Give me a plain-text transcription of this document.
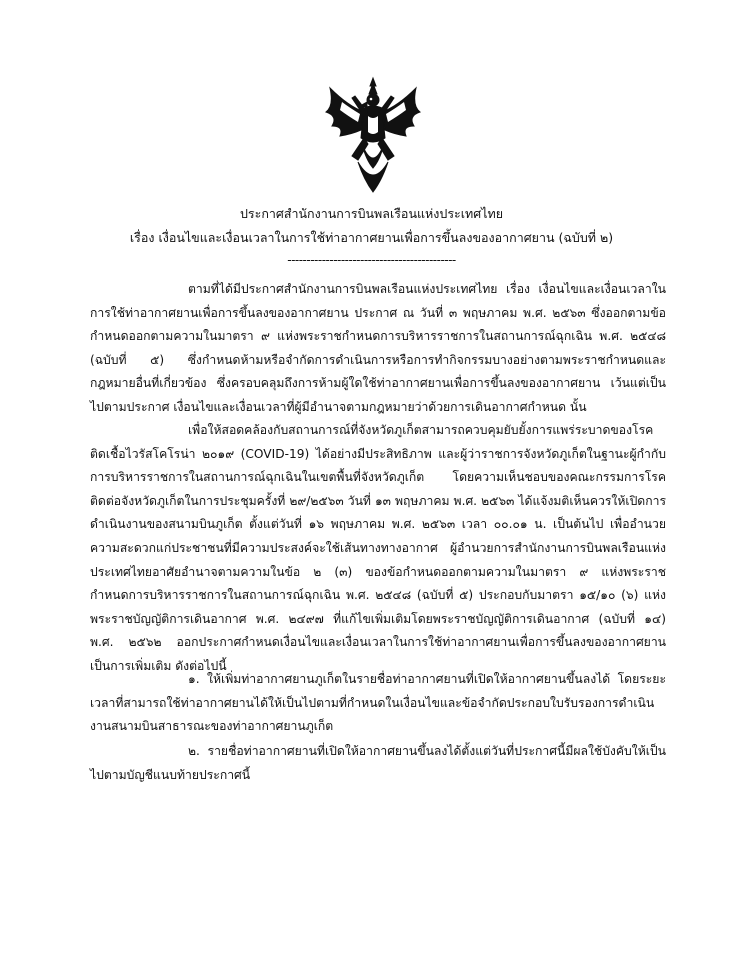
ประกาศสำนักงานการบินพลเรือนแห่งประเทศไทย
เรื่อง เงื่อนไขและเงื่อนเวลาในการใช้ท่าอากาศยานเพื่อการขึ้นลงของอากาศยาน (ฉบับที่ ๒)
--------------------------------------------

ตามที่ได้มีประกาศสำนักงานการบินพลเรือนแห่งประเทศไทย เรื่อง เงื่อนไขและเงื่อนเวลาในการใช้ท่าอากาศยานเพื่อการขึ้นลงของอากาศยาน ประกาศ ณ วันที่ ๓ พฤษภาคม พ.ศ. ๒๕๖๓ ซึ่งออกตามข้อกำหนดออกตามความในมาตรา ๙ แห่งพระราชกำหนดการบริหารราชการในสถานการณ์ฉุกเฉิน พ.ศ. ๒๕๔๘ (ฉบับที่ ๕) ซึ่งกำหนดห้ามหรือจำกัดการดำเนินการหรือการทำกิจกรรมบางอย่างตามพระราชกำหนดและกฎหมายอื่นที่เกี่ยวข้อง ซึ่งครอบคลุมถึงการห้ามผู้ใดใช้ท่าอากาศยานเพื่อการขึ้นลงของอากาศยาน เว้นแต่เป็นไปตามประกาศ เงื่อนไขและเงื่อนเวลาที่ผู้มีอำนาจตามกฎหมายว่าด้วยการเดินอากาศกำหนด นั้น

เพื่อให้สอดคล้องกับสถานการณ์ที่จังหวัดภูเก็ตสามารถควบคุมยับยั้งการแพร่ระบาดของโรคติดเชื้อไวรัสโคโรน่า ๒๐๑๙ (COVID-19) ได้อย่างมีประสิทธิภาพ และผู้ว่าราชการจังหวัดภูเก็ตในฐานะผู้กำกับการบริหารราชการในสถานการณ์ฉุกเฉินในเขตพื้นที่จังหวัดภูเก็ต โดยความเห็นชอบของคณะกรรมการโรคติดต่อจังหวัดภูเก็ตในการประชุมครั้งที่ ๒๙/๒๕๖๓ วันที่ ๑๓ พฤษภาคม พ.ศ. ๒๕๖๓ ได้แจ้งมติเห็นควรให้เปิดการดำเนินงานของสนามบินภูเก็ต ตั้งแต่วันที่ ๑๖ พฤษภาคม พ.ศ. ๒๕๖๓ เวลา ๐๐.๐๑ น. เป็นต้นไป เพื่ออำนวยความสะดวกแก่ประชาชนที่มีความประสงค์จะใช้เส้นทางทางอากาศ ผู้อำนวยการสำนักงานการบินพลเรือนแห่งประเทศไทยอาศัยอำนาจตามความในข้อ ๒ (๓) ของข้อกำหนดออกตามความในมาตรา ๙ แห่งพระราชกำหนดการบริหารราชการในสถานการณ์ฉุกเฉิน พ.ศ. ๒๕๔๘ (ฉบับที่ ๕) ประกอบกับมาตรา ๑๕/๑๐ (๖) แห่งพระราชบัญญัติการเดินอากาศ พ.ศ. ๒๔๙๗ ที่แก้ไขเพิ่มเติมโดยพระราชบัญญัติการเดินอากาศ (ฉบับที่ ๑๔) พ.ศ. ๒๕๖๒ ออกประกาศกำหนดเงื่อนไขและเงื่อนเวลาในการใช้ท่าอากาศยานเพื่อการขึ้นลงของอากาศยานเป็นการเพิ่มเติม ดังต่อไปนี้

๑. ให้เพิ่มท่าอากาศยานภูเก็ตในรายชื่อท่าอากาศยานที่เปิดให้อากาศยานขึ้นลงได้ โดยระยะเวลาที่สามารถใช้ท่าอากาศยานได้ให้เป็นไปตามที่กำหนดในเงื่อนไขและข้อจำกัดประกอบใบรับรองการดำเนินงานสนามบินสาธารณะของท่าอากาศยานภูเก็ต

๒. รายชื่อท่าอากาศยานที่เปิดให้อากาศยานขึ้นลงได้ตั้งแต่วันที่ประกาศนี้มีผลใช้บังคับให้เป็นไปตามบัญชีแนบท้ายประกาศนี้
